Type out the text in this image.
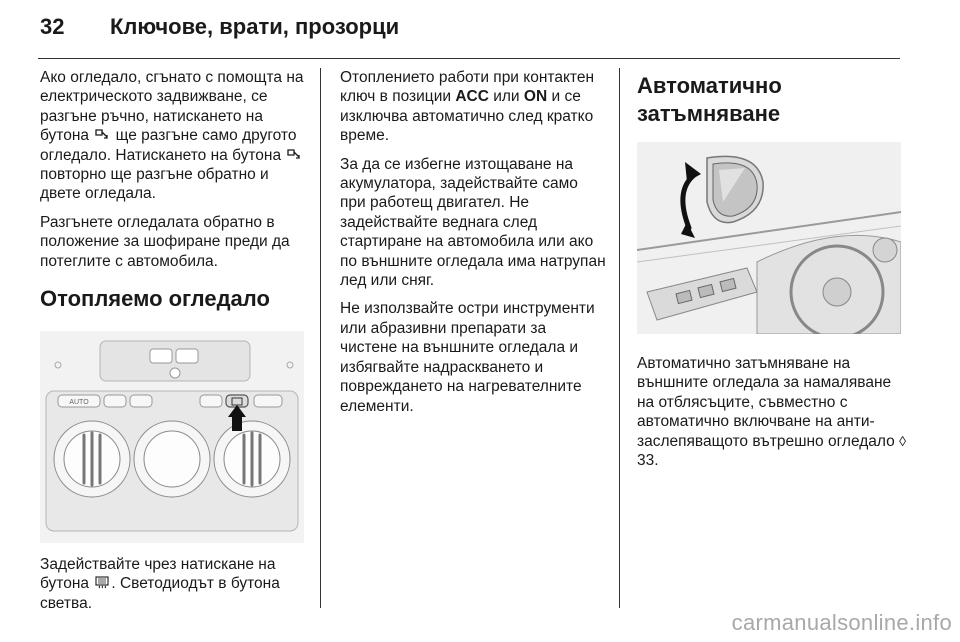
32	Ключове, врати, прозорци

Ако огледало, сгънато с помощта на електрическото задвижване, се разгъне ръчно, натискането на бутона ще разгъне само другото огледало. Натискането на бутона  повторно ще разгъне обратно и двете огледала.

Разгънете огледалата обратно в положение за шофиране преди да потеглите с автомобила.

Отопляемо огледало
AUTO

Задействайте чрез натискане на бутона . Светодиодът в бутона светва.

Отоплението работи при контактен ключ в позиции ACC или ON и се изключва автоматично след кратко време.

За да се избегне изтощаване на акумулатора, задействайте само при работещ двигател. Не задействайте веднага след стартиране на автомобила или ако по външните огледала има натрупан лед или сняг.

Не използвайте остри инструменти или абразивни препарати за чистене на външните огледала и избягвайте надраскването и повреждането на нагревателните елементи.

Автоматично
затъмняване

Автоматично затъмняване на външните огледала за намаляване на отблясъците, съвместно с автоматично включване на анти-заслепяващото вътрешно огледало ◊ 33.

carmanualsonline.info
